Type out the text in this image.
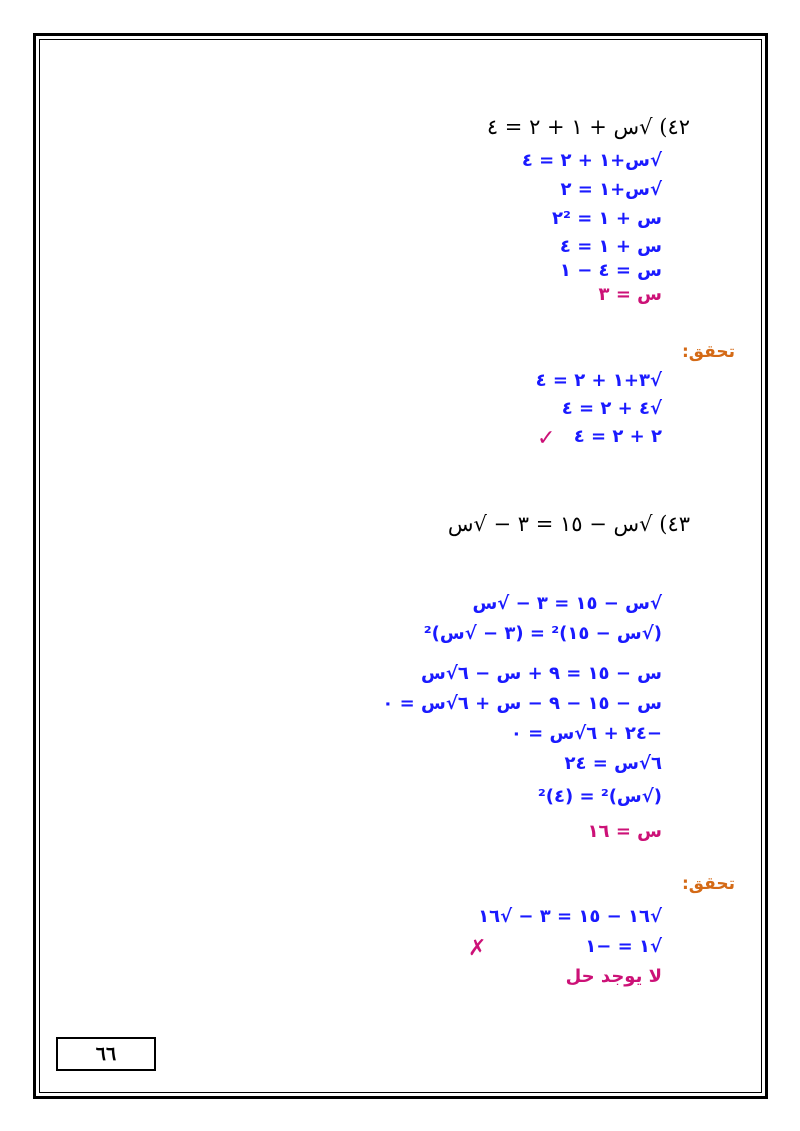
٤٢) √س + ١ + ٢ = ٤
√س+١ + ٢ = ٤
√س+١ = ٢
س + ١ = ٢²
س + ١ = ٤
س = ٤ − ١
س = ٣
تحقق:
√٣+١ + ٢ = ٤
√٤ + ٢ = ٤
٢ + ٢ = ٤
✓
٤٣) √س − ١٥ = ٣ − √س
√س − ١٥ = ٣ − √س
(√س − ١٥)² = (٣ − √س)²
س − ١٥ = ٩ + س − ٦√س
س − ١٥ − ٩ − س + ٦√س = ٠
−٢٤ + ٦√س = ٠
٦√س = ٢٤
(√س)² = (٤)²
س = ١٦
تحقق:
√١٦ − ١٥ = ٣ − √١٦
√١ = −١
✗
لا يوجد حل
٦٦
